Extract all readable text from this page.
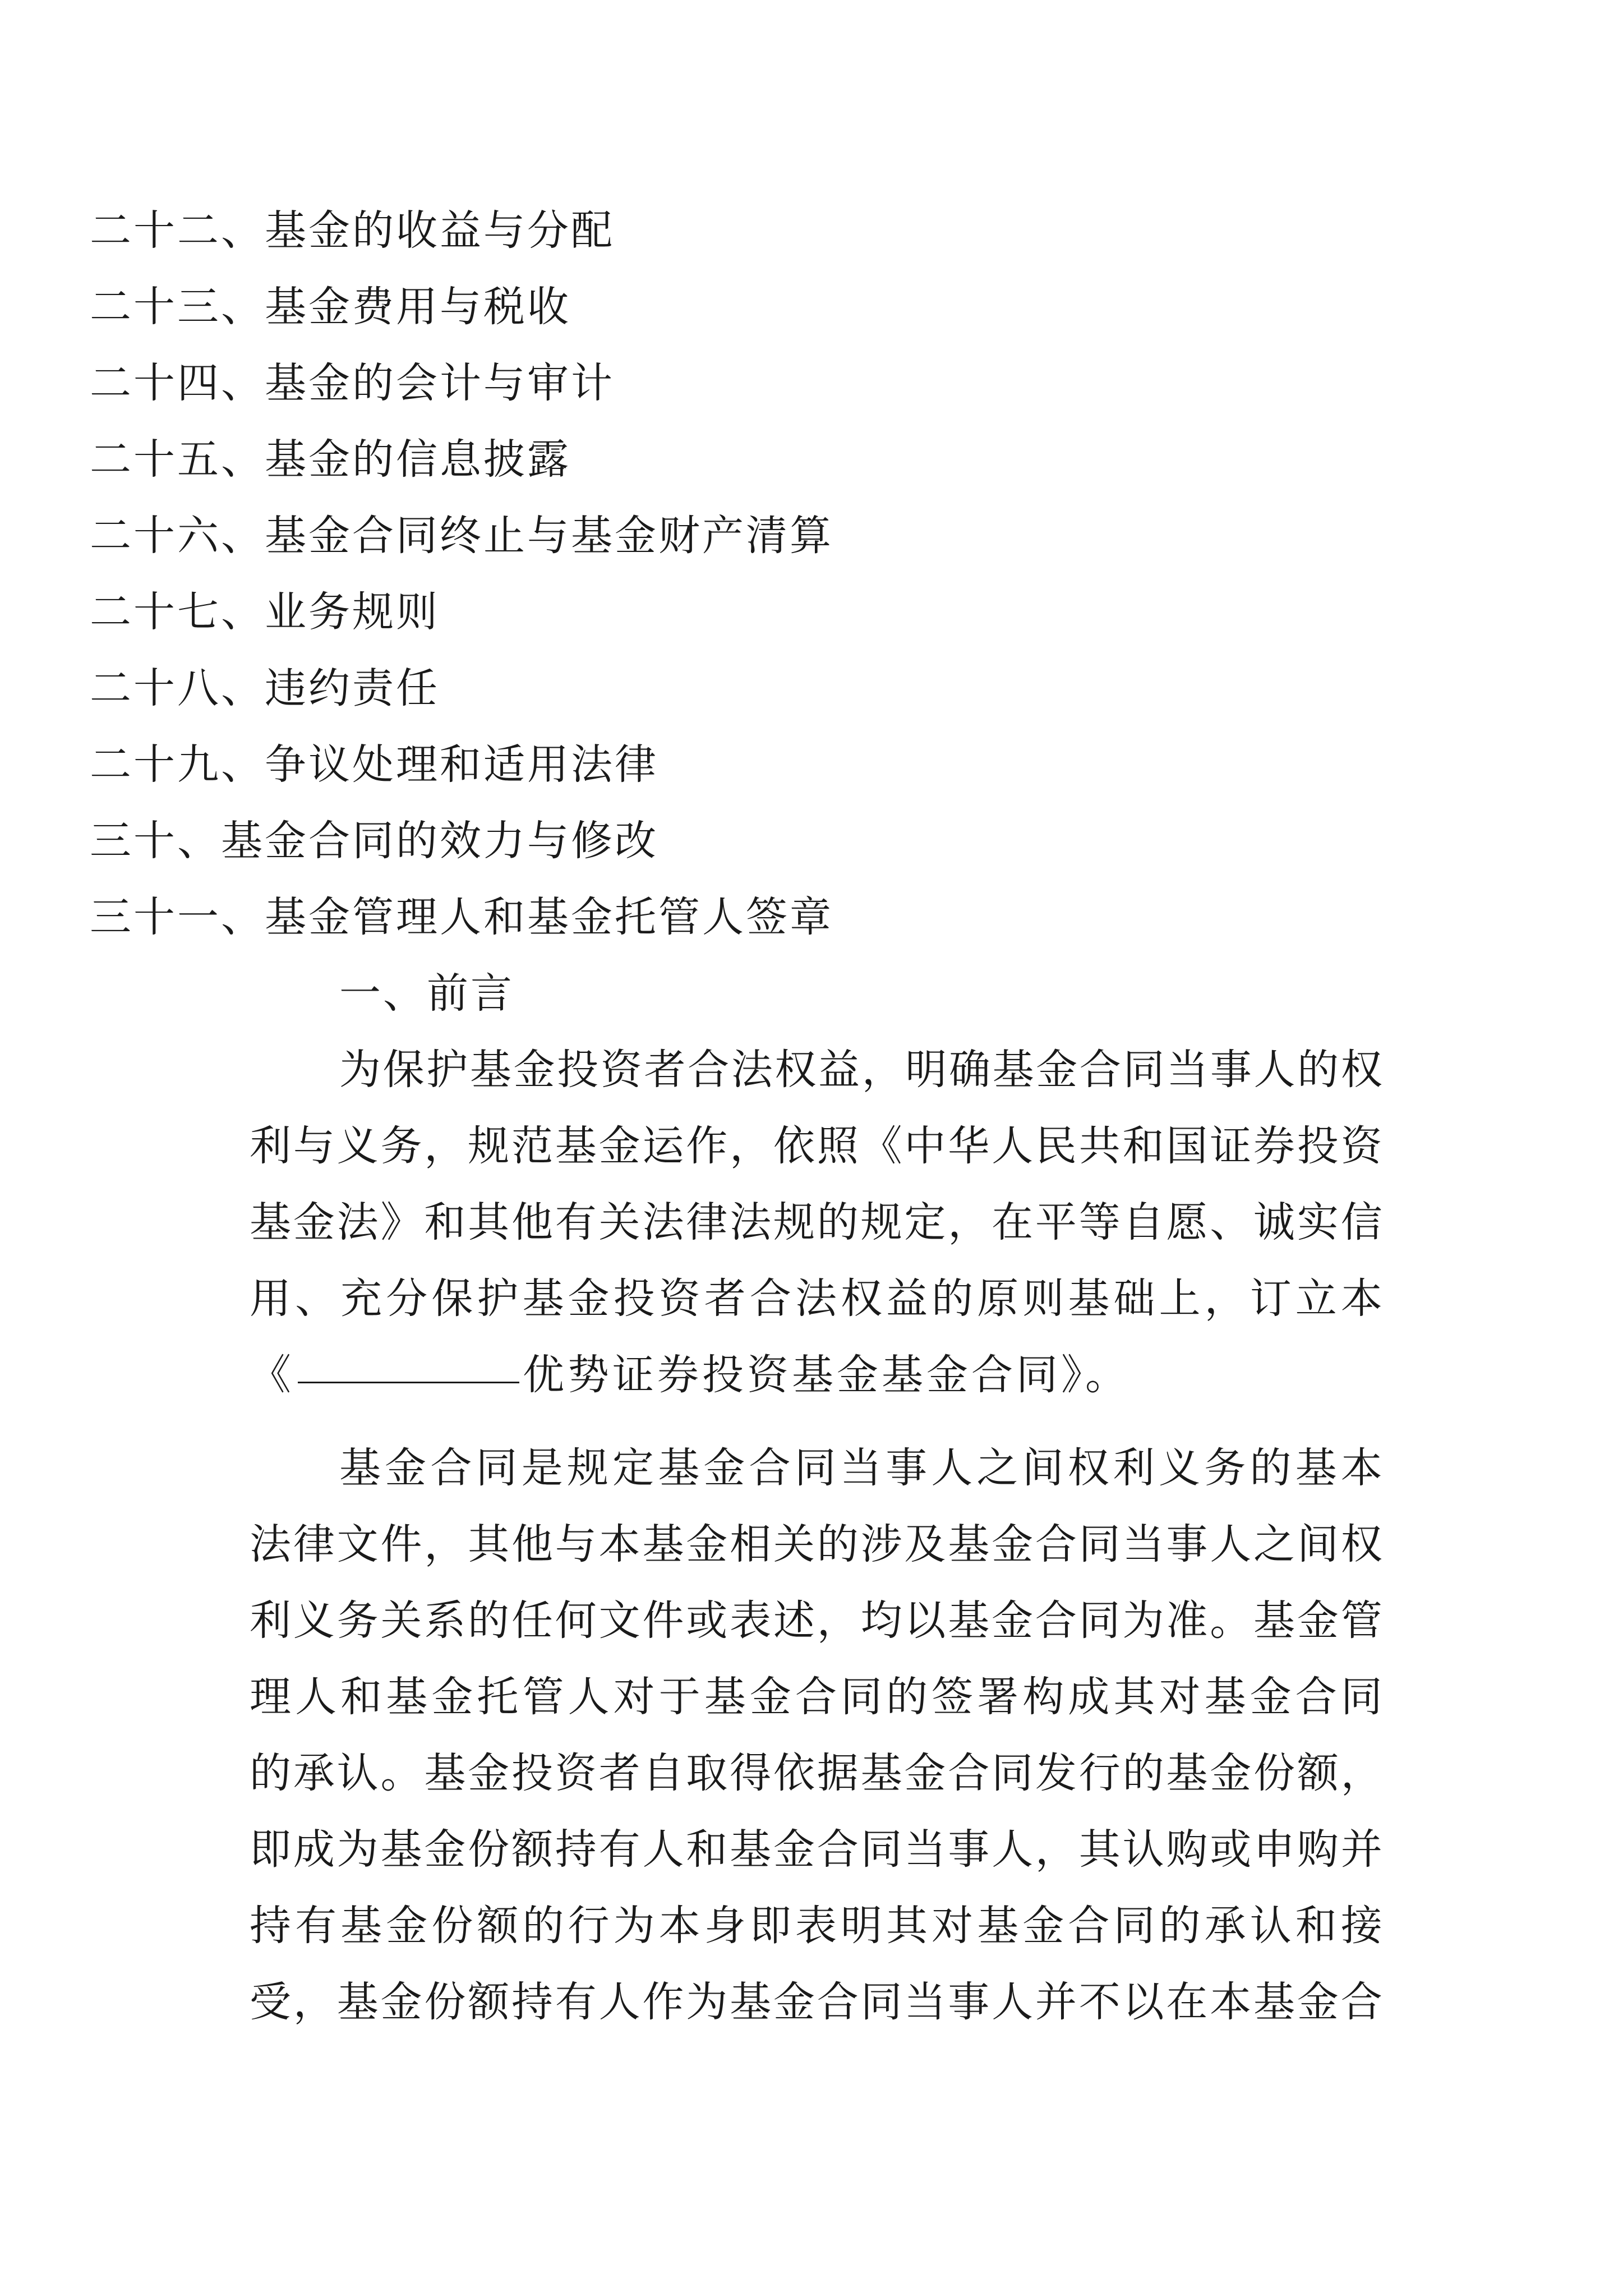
二十二、基金的收益与分配
二十三、基金费用与税收
二十四、基金的会计与审计
二十五、基金的信息披露
二十六、基金合同终止与基金财产清算
二十七、业务规则
二十八、违约责任
二十九、争议处理和适用法律
三十、基金合同的效力与修改
三十一、基金管理人和基金托管人签章
一、前言
为 保 护 基 金 投 资 者 合 法 权 益 ， 明 确 基 金 合 同 当 事 人 的 权
利 与 义 务 ， 规 范 基 金 运 作 ， 依 照 《 中 华 人 民 共 和 国 证 券 投 资
基 金 法 》 和 其 他 有 关 法 律 法 规 的 规 定 ， 在 平 等 自 愿 、 诚 实 信
用 、 充 分 保 护 基 金 投 资 者 合 法 权 益 的 原 则 基 础 上 ， 订 立 本
《	优势证券投资基金基金合同》。
基 金 合 同 是 规 定 基 金 合 同 当 事 人 之 间 权 利 义 务 的 基 本
法 律 文 件 ， 其 他 与 本 基 金 相 关 的 涉 及 基 金 合 同 当 事 人 之 间 权
利 义 务 关 系 的 任 何 文 件 或 表 述 ， 均 以 基 金 合 同 为 准 。 基 金 管
理 人 和 基 金 托 管 人 对 于 基 金 合 同 的 签 署 构 成 其 对 基 金 合 同
的 承 认 。 基 金 投 资 者 自 取 得 依 据 基 金 合 同 发 行 的 基 金 份 额 ，
即 成 为 基 金 份 额 持 有 人 和 基 金 合 同 当 事 人 ， 其 认 购 或 申 购 并
持 有 基 金 份 额 的 行 为 本 身 即 表 明 其 对 基 金 合 同 的 承 认 和 接
受 ， 基 金 份 额 持 有 人 作 为 基 金 合 同 当 事 人 并 不 以 在 本 基 金 合
